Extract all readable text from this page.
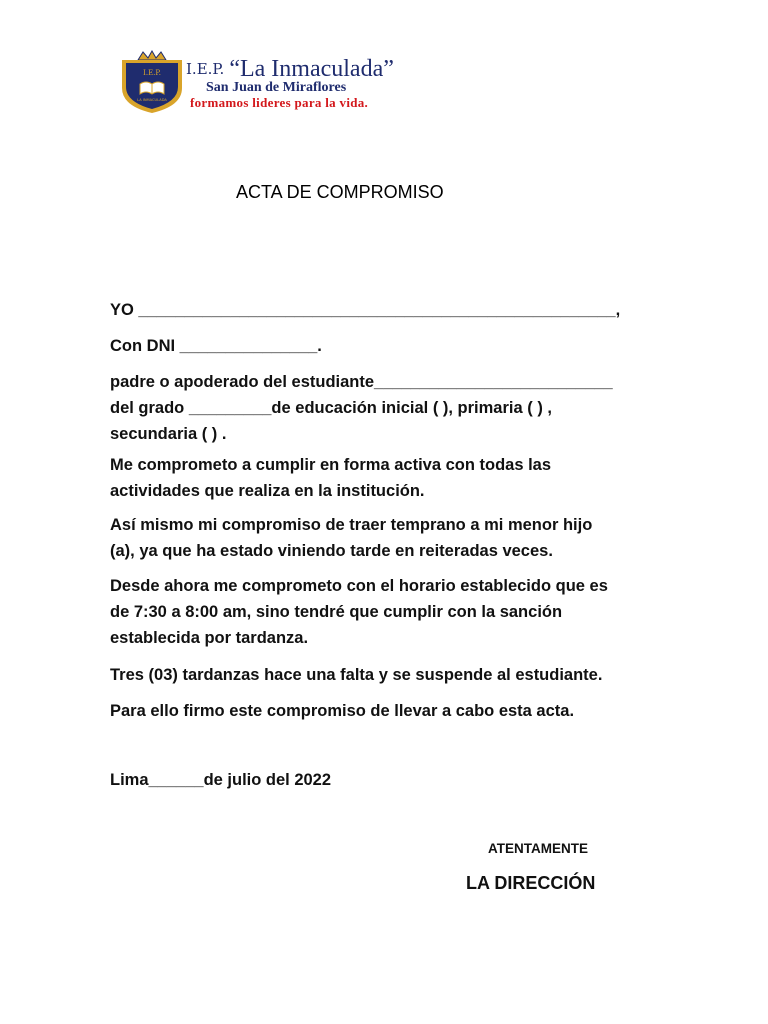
I.E.P.
LA INMACULADA
I.E.P. “La Inmaculada”
San Juan de Miraflores
formamos lideres para la vida.
ACTA DE COMPROMISO
YO ____________________________________________________,
Con DNI _______________.
padre o apoderado del estudiante__________________________
del grado _________de educación inicial ( ), primaria ( ) ,
secundaria ( ) .
Me comprometo a cumplir en forma activa con todas las
actividades que realiza en la institución.
Así mismo mi compromiso de traer temprano a mi menor hijo
(a), ya que ha estado viniendo tarde en reiteradas veces.
Desde ahora me comprometo con el horario establecido que es
de 7:30 a 8:00 am, sino tendré que cumplir con la sanción
establecida por tardanza.
Tres (03) tardanzas hace una falta y se suspende al estudiante.
Para ello firmo este compromiso de llevar a cabo esta acta.
Lima______de julio del 2022
ATENTAMENTE
LA DIRECCIÓN
